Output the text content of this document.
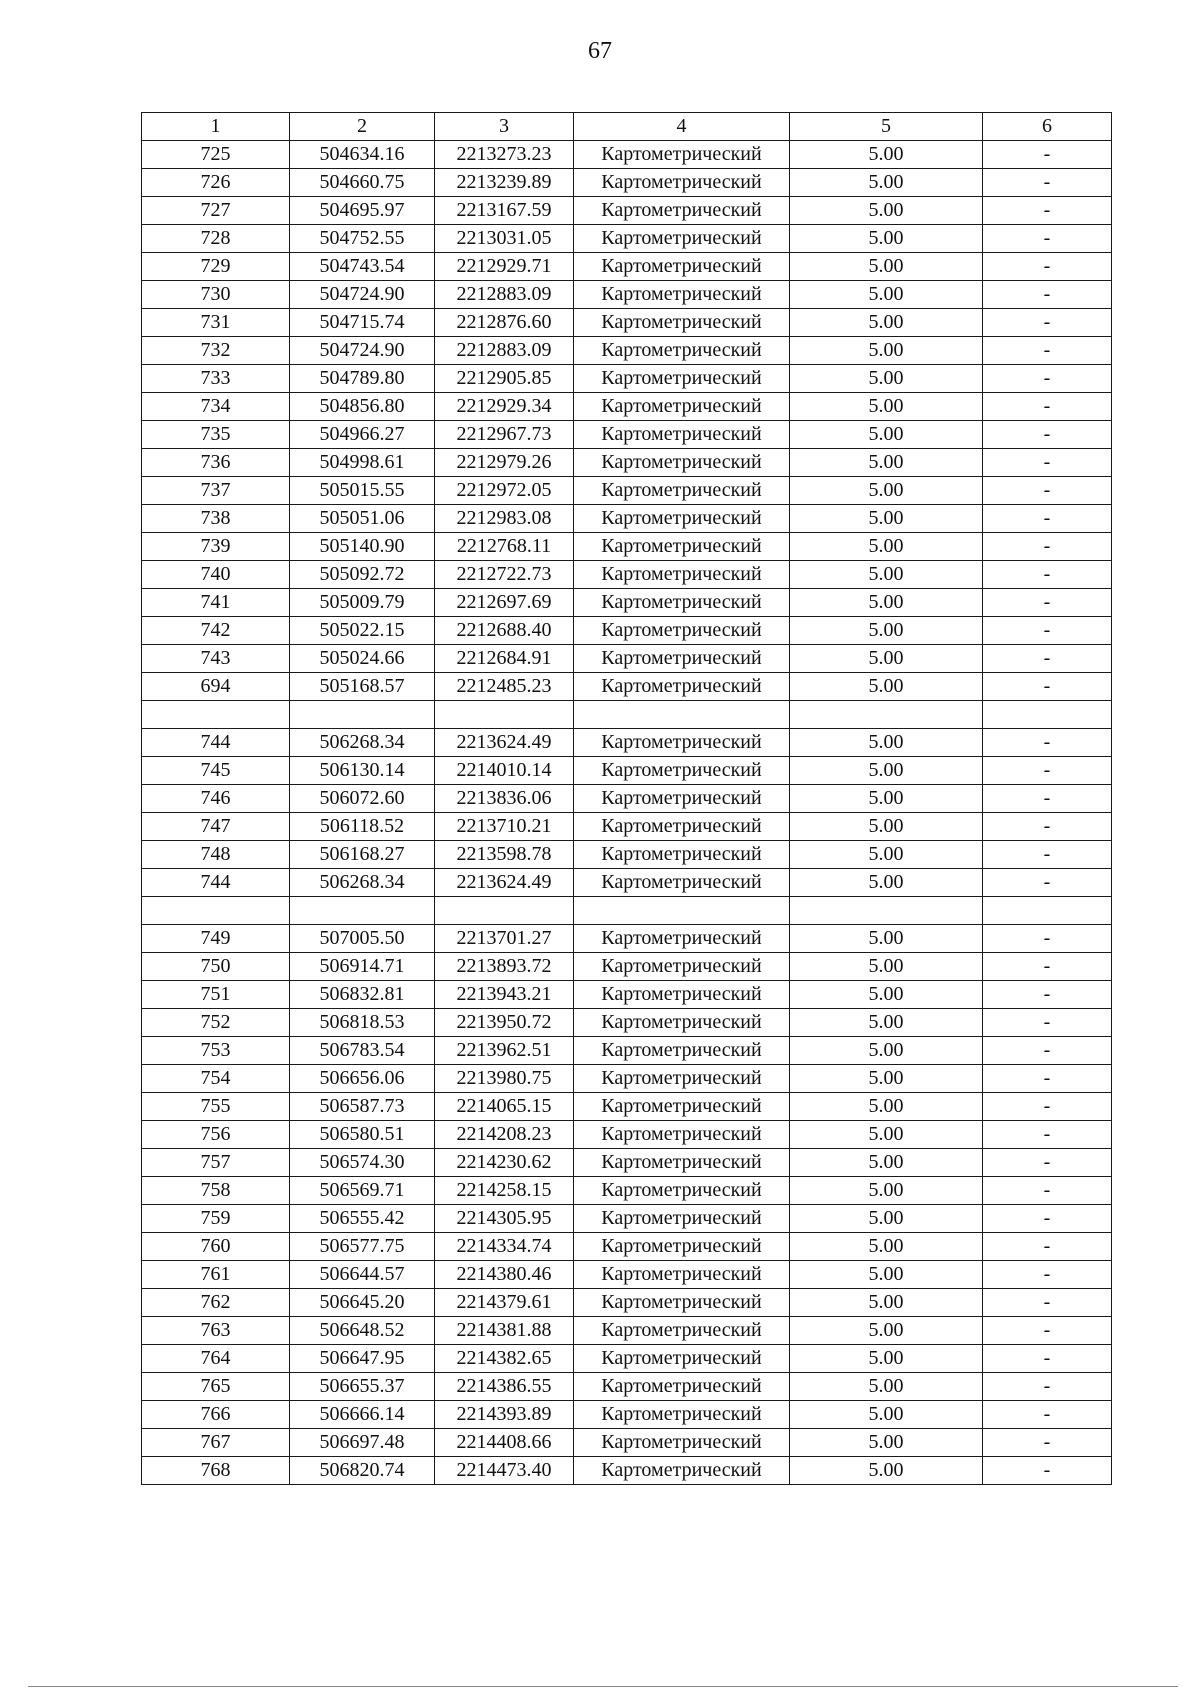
67
1	2	3	4	5	6
725	504634.16	2213273.23	Картометрический	5.00	-
726	504660.75	2213239.89	Картометрический	5.00	-
727	504695.97	2213167.59	Картометрический	5.00	-
728	504752.55	2213031.05	Картометрический	5.00	-
729	504743.54	2212929.71	Картометрический	5.00	-
730	504724.90	2212883.09	Картометрический	5.00	-
731	504715.74	2212876.60	Картометрический	5.00	-
732	504724.90	2212883.09	Картометрический	5.00	-
733	504789.80	2212905.85	Картометрический	5.00	-
734	504856.80	2212929.34	Картометрический	5.00	-
735	504966.27	2212967.73	Картометрический	5.00	-
736	504998.61	2212979.26	Картометрический	5.00	-
737	505015.55	2212972.05	Картометрический	5.00	-
738	505051.06	2212983.08	Картометрический	5.00	-
739	505140.90	2212768.11	Картометрический	5.00	-
740	505092.72	2212722.73	Картометрический	5.00	-
741	505009.79	2212697.69	Картометрический	5.00	-
742	505022.15	2212688.40	Картометрический	5.00	-
743	505024.66	2212684.91	Картометрический	5.00	-
694	505168.57	2212485.23	Картометрический	5.00	-

744	506268.34	2213624.49	Картометрический	5.00	-
745	506130.14	2214010.14	Картометрический	5.00	-
746	506072.60	2213836.06	Картометрический	5.00	-
747	506118.52	2213710.21	Картометрический	5.00	-
748	506168.27	2213598.78	Картометрический	5.00	-
744	506268.34	2213624.49	Картометрический	5.00	-

749	507005.50	2213701.27	Картометрический	5.00	-
750	506914.71	2213893.72	Картометрический	5.00	-
751	506832.81	2213943.21	Картометрический	5.00	-
752	506818.53	2213950.72	Картометрический	5.00	-
753	506783.54	2213962.51	Картометрический	5.00	-
754	506656.06	2213980.75	Картометрический	5.00	-
755	506587.73	2214065.15	Картометрический	5.00	-
756	506580.51	2214208.23	Картометрический	5.00	-
757	506574.30	2214230.62	Картометрический	5.00	-
758	506569.71	2214258.15	Картометрический	5.00	-
759	506555.42	2214305.95	Картометрический	5.00	-
760	506577.75	2214334.74	Картометрический	5.00	-
761	506644.57	2214380.46	Картометрический	5.00	-
762	506645.20	2214379.61	Картометрический	5.00	-
763	506648.52	2214381.88	Картометрический	5.00	-
764	506647.95	2214382.65	Картометрический	5.00	-
765	506655.37	2214386.55	Картометрический	5.00	-
766	506666.14	2214393.89	Картометрический	5.00	-
767	506697.48	2214408.66	Картометрический	5.00	-
768	506820.74	2214473.40	Картометрический	5.00	-
